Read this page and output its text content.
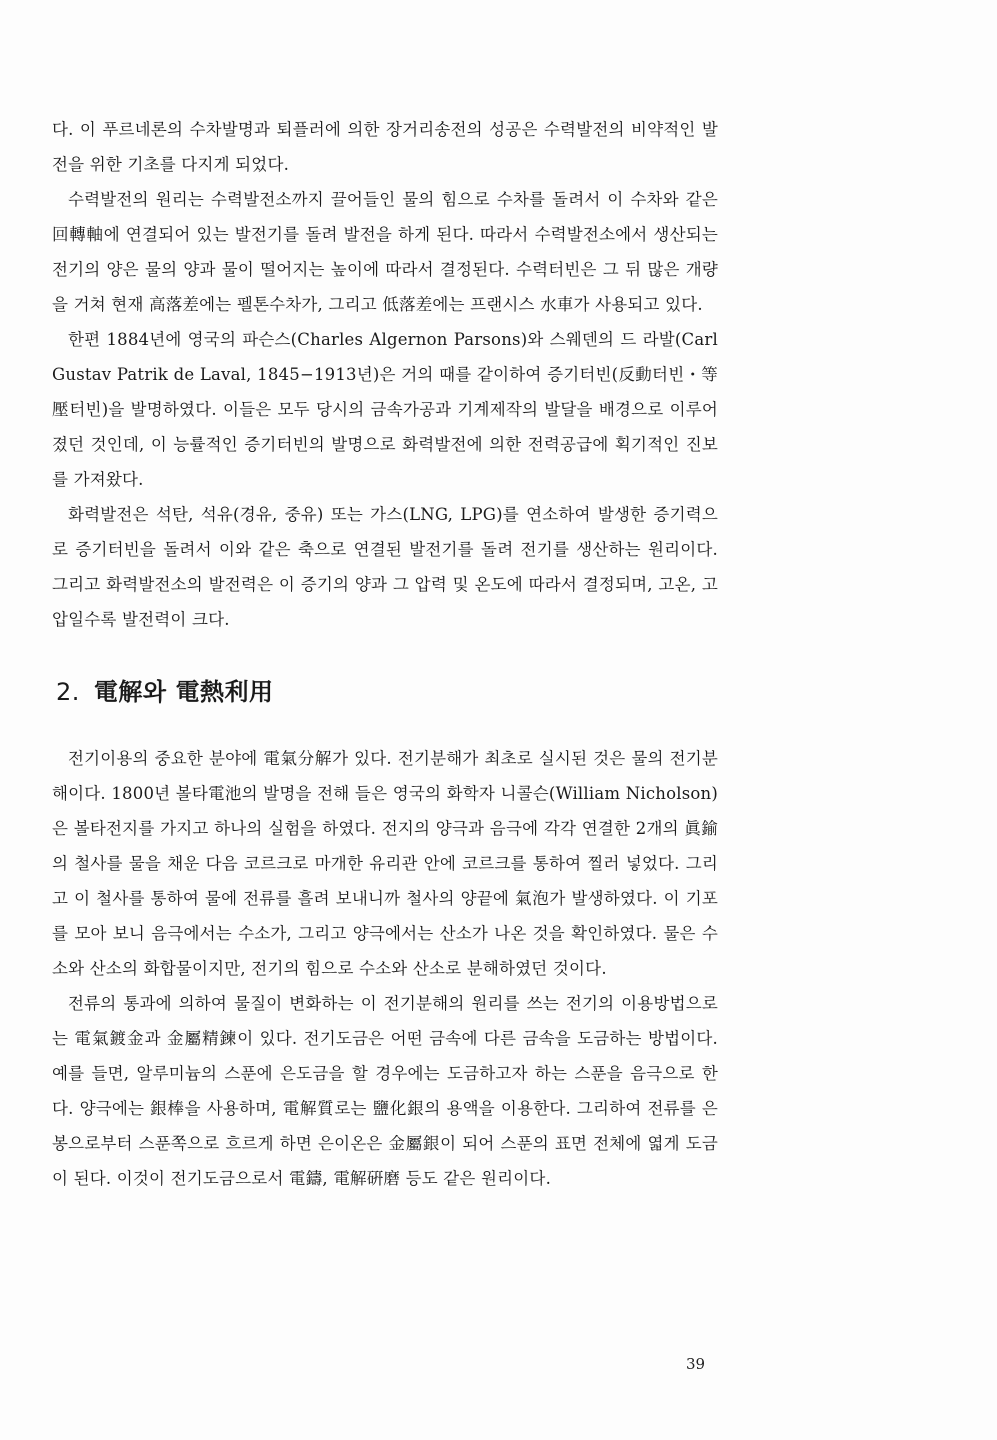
다. 이 푸르네론의 수차발명과 퇴플러에 의한 장거리송전의 성공은 수력발전의 비약적인 발전을 위한 기초를 다지게 되었다.

수력발전의 원리는 수력발전소까지 끌어들인 물의 힘으로 수차를 돌려서 이 수차와 같은 回轉軸에 연결되어 있는 발전기를 돌려 발전을 하게 된다. 따라서 수력발전소에서 생산되는 전기의 양은 물의 양과 물이 떨어지는 높이에 따라서 결정된다. 수력터빈은 그 뒤 많은 개량을 거쳐 현재 高落差에는 펠톤수차가, 그리고 低落差에는 프랜시스 水車가 사용되고 있다.

한편 1884년에 영국의 파슨스(Charles Algernon Parsons)와 스웨덴의 드 라발(Carl Gustav Patrik de Laval, 1845−1913년)은 거의 때를 같이하여 증기터빈(反動터빈・等壓터빈)을 발명하였다. 이들은 모두 당시의 금속가공과 기계제작의 발달을 배경으로 이루어졌던 것인데, 이 능률적인 증기터빈의 발명으로 화력발전에 의한 전력공급에 획기적인 진보를 가져왔다.

화력발전은 석탄, 석유(경유, 중유) 또는 가스(LNG, LPG)를 연소하여 발생한 증기력으로 증기터빈을 돌려서 이와 같은 축으로 연결된 발전기를 돌려 전기를 생산하는 원리이다. 그리고 화력발전소의 발전력은 이 증기의 양과 그 압력 및 온도에 따라서 결정되며, 고온, 고압일수록 발전력이 크다.

2. 電解와 電熱利用

전기이용의 중요한 분야에 電氣分解가 있다. 전기분해가 최초로 실시된 것은 물의 전기분해이다. 1800년 볼타電池의 발명을 전해 들은 영국의 화학자 니콜슨(William Nicholson)은 볼타전지를 가지고 하나의 실험을 하였다. 전지의 양극과 음극에 각각 연결한 2개의 眞鍮의 철사를 물을 채운 다음 코르크로 마개한 유리관 안에 코르크를 통하여 찔러 넣었다. 그리고 이 철사를 통하여 물에 전류를 흘려 보내니까 철사의 양끝에 氣泡가 발생하였다. 이 기포를 모아 보니 음극에서는 수소가, 그리고 양극에서는 산소가 나온 것을 확인하였다. 물은 수소와 산소의 화합물이지만, 전기의 힘으로 수소와 산소로 분해하였던 것이다.

전류의 통과에 의하여 물질이 변화하는 이 전기분해의 원리를 쓰는 전기의 이용방법으로는 電氣鍍金과 金屬精鍊이 있다. 전기도금은 어떤 금속에 다른 금속을 도금하는 방법이다. 예를 들면, 알루미늄의 스푼에 은도금을 할 경우에는 도금하고자 하는 스푼을 음극으로 한다. 양극에는 銀棒을 사용하며, 電解質로는 鹽化銀의 용액을 이용한다. 그리하여 전류를 은봉으로부터 스푼쪽으로 흐르게 하면 은이온은 金屬銀이 되어 스푼의 표면 전체에 엷게 도금이 된다. 이것이 전기도금으로서 電鑄, 電解硏磨 등도 같은 원리이다.

39
